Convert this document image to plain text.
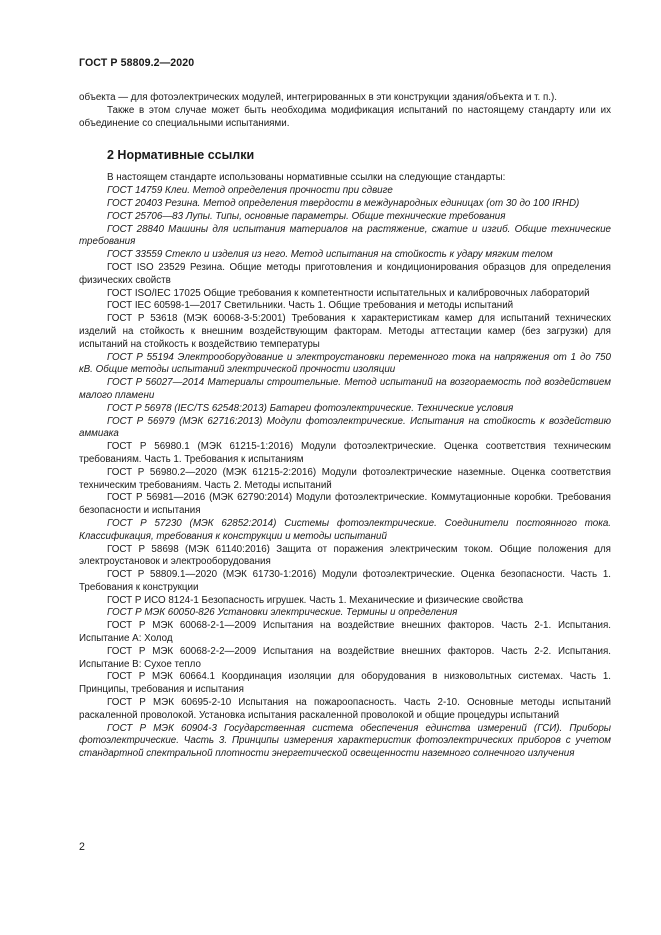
ГОСТ Р 58809.2—2020

объекта — для фотоэлектрических модулей, интегрированных в эти конструкции здания/объекта и т. п.).

Также в этом случае может быть необходима модификация испытаний по настоящему стандарту или их объединение со специальными испытаниями.

2 Нормативные ссылки

В настоящем стандарте использованы нормативные ссылки на следующие стандарты:

ГОСТ 14759 Клеи. Метод определения прочности при сдвиге

ГОСТ 20403 Резина. Метод определения твердости в международных единицах (от 30 до 100 IRHD)

ГОСТ 25706—83 Лупы. Типы, основные параметры. Общие технические требования

ГОСТ 28840 Машины для испытания материалов на растяжение, сжатие и изгиб. Общие технические требования

ГОСТ 33559 Стекло и изделия из него. Метод испытания на стойкость к удару мягким телом

ГОСТ ISO 23529 Резина. Общие методы приготовления и кондиционирования образцов для определения физических свойств

ГОСТ ISO/IEC 17025 Общие требования к компетентности испытательных и калибровочных лабораторий

ГОСТ IEC 60598-1—2017 Светильники. Часть 1. Общие требования и методы испытаний

ГОСТ Р 53618 (МЭК 60068-3-5:2001) Требования к характеристикам камер для испытаний технических изделий на стойкость к внешним воздействующим факторам. Методы аттестации камер (без загрузки) для испытаний на стойкость к воздействию температуры

ГОСТ Р 55194 Электрооборудование и электроустановки переменного тока на напряжения от 1 до 750 кВ. Общие методы испытаний электрической прочности изоляции

ГОСТ Р 56027—2014 Материалы строительные. Метод испытаний на возгораемость под воздействием малого пламени

ГОСТ Р 56978 (IEC/TS 62548:2013) Батареи фотоэлектрические. Технические условия

ГОСТ Р 56979 (МЭК 62716:2013) Модули фотоэлектрические. Испытания на стойкость к воздействию аммиака

ГОСТ Р 56980.1 (МЭК 61215-1:2016) Модули фотоэлектрические. Оценка соответствия техническим требованиям. Часть 1. Требования к испытаниям

ГОСТ Р 56980.2—2020 (МЭК 61215-2:2016) Модули фотоэлектрические наземные. Оценка соответствия техническим требованиям. Часть 2. Методы испытаний

ГОСТ Р 56981—2016 (МЭК 62790:2014) Модули фотоэлектрические. Коммутационные коробки. Требования безопасности и испытания

ГОСТ Р 57230 (МЭК 62852:2014) Системы фотоэлектрические. Соединители постоянного тока. Классификация, требования к конструкции и методы испытаний

ГОСТ Р 58698 (МЭК 61140:2016) Защита от поражения электрическим током. Общие положения для электроустановок и электрооборудования

ГОСТ Р 58809.1—2020 (МЭК 61730-1:2016) Модули фотоэлектрические. Оценка безопасности. Часть 1. Требования к конструкции

ГОСТ Р ИСО 8124-1 Безопасность игрушек. Часть 1. Механические и физические свойства

ГОСТ Р МЭК 60050-826 Установки электрические. Термины и определения

ГОСТ Р МЭК 60068-2-1—2009 Испытания на воздействие внешних факторов. Часть 2-1. Испытания. Испытание А: Холод

ГОСТ Р МЭК 60068-2-2—2009 Испытания на воздействие внешних факторов. Часть 2-2. Испытания. Испытание В: Сухое тепло

ГОСТ Р МЭК 60664.1 Координация изоляции для оборудования в низковольтных системах. Часть 1. Принципы, требования и испытания

ГОСТ Р МЭК 60695-2-10 Испытания на пожароопасность. Часть 2-10. Основные методы испытаний раскаленной проволокой. Установка испытания раскаленной проволокой и общие процедуры испытаний

ГОСТ Р МЭК 60904-3 Государственная система обеспечения единства измерений (ГСИ). Приборы фотоэлектрические. Часть 3. Принципы измерения характеристик фотоэлектрических приборов с учетом стандартной спектральной плотности энергетической освещенности наземного солнечного излучения

2
